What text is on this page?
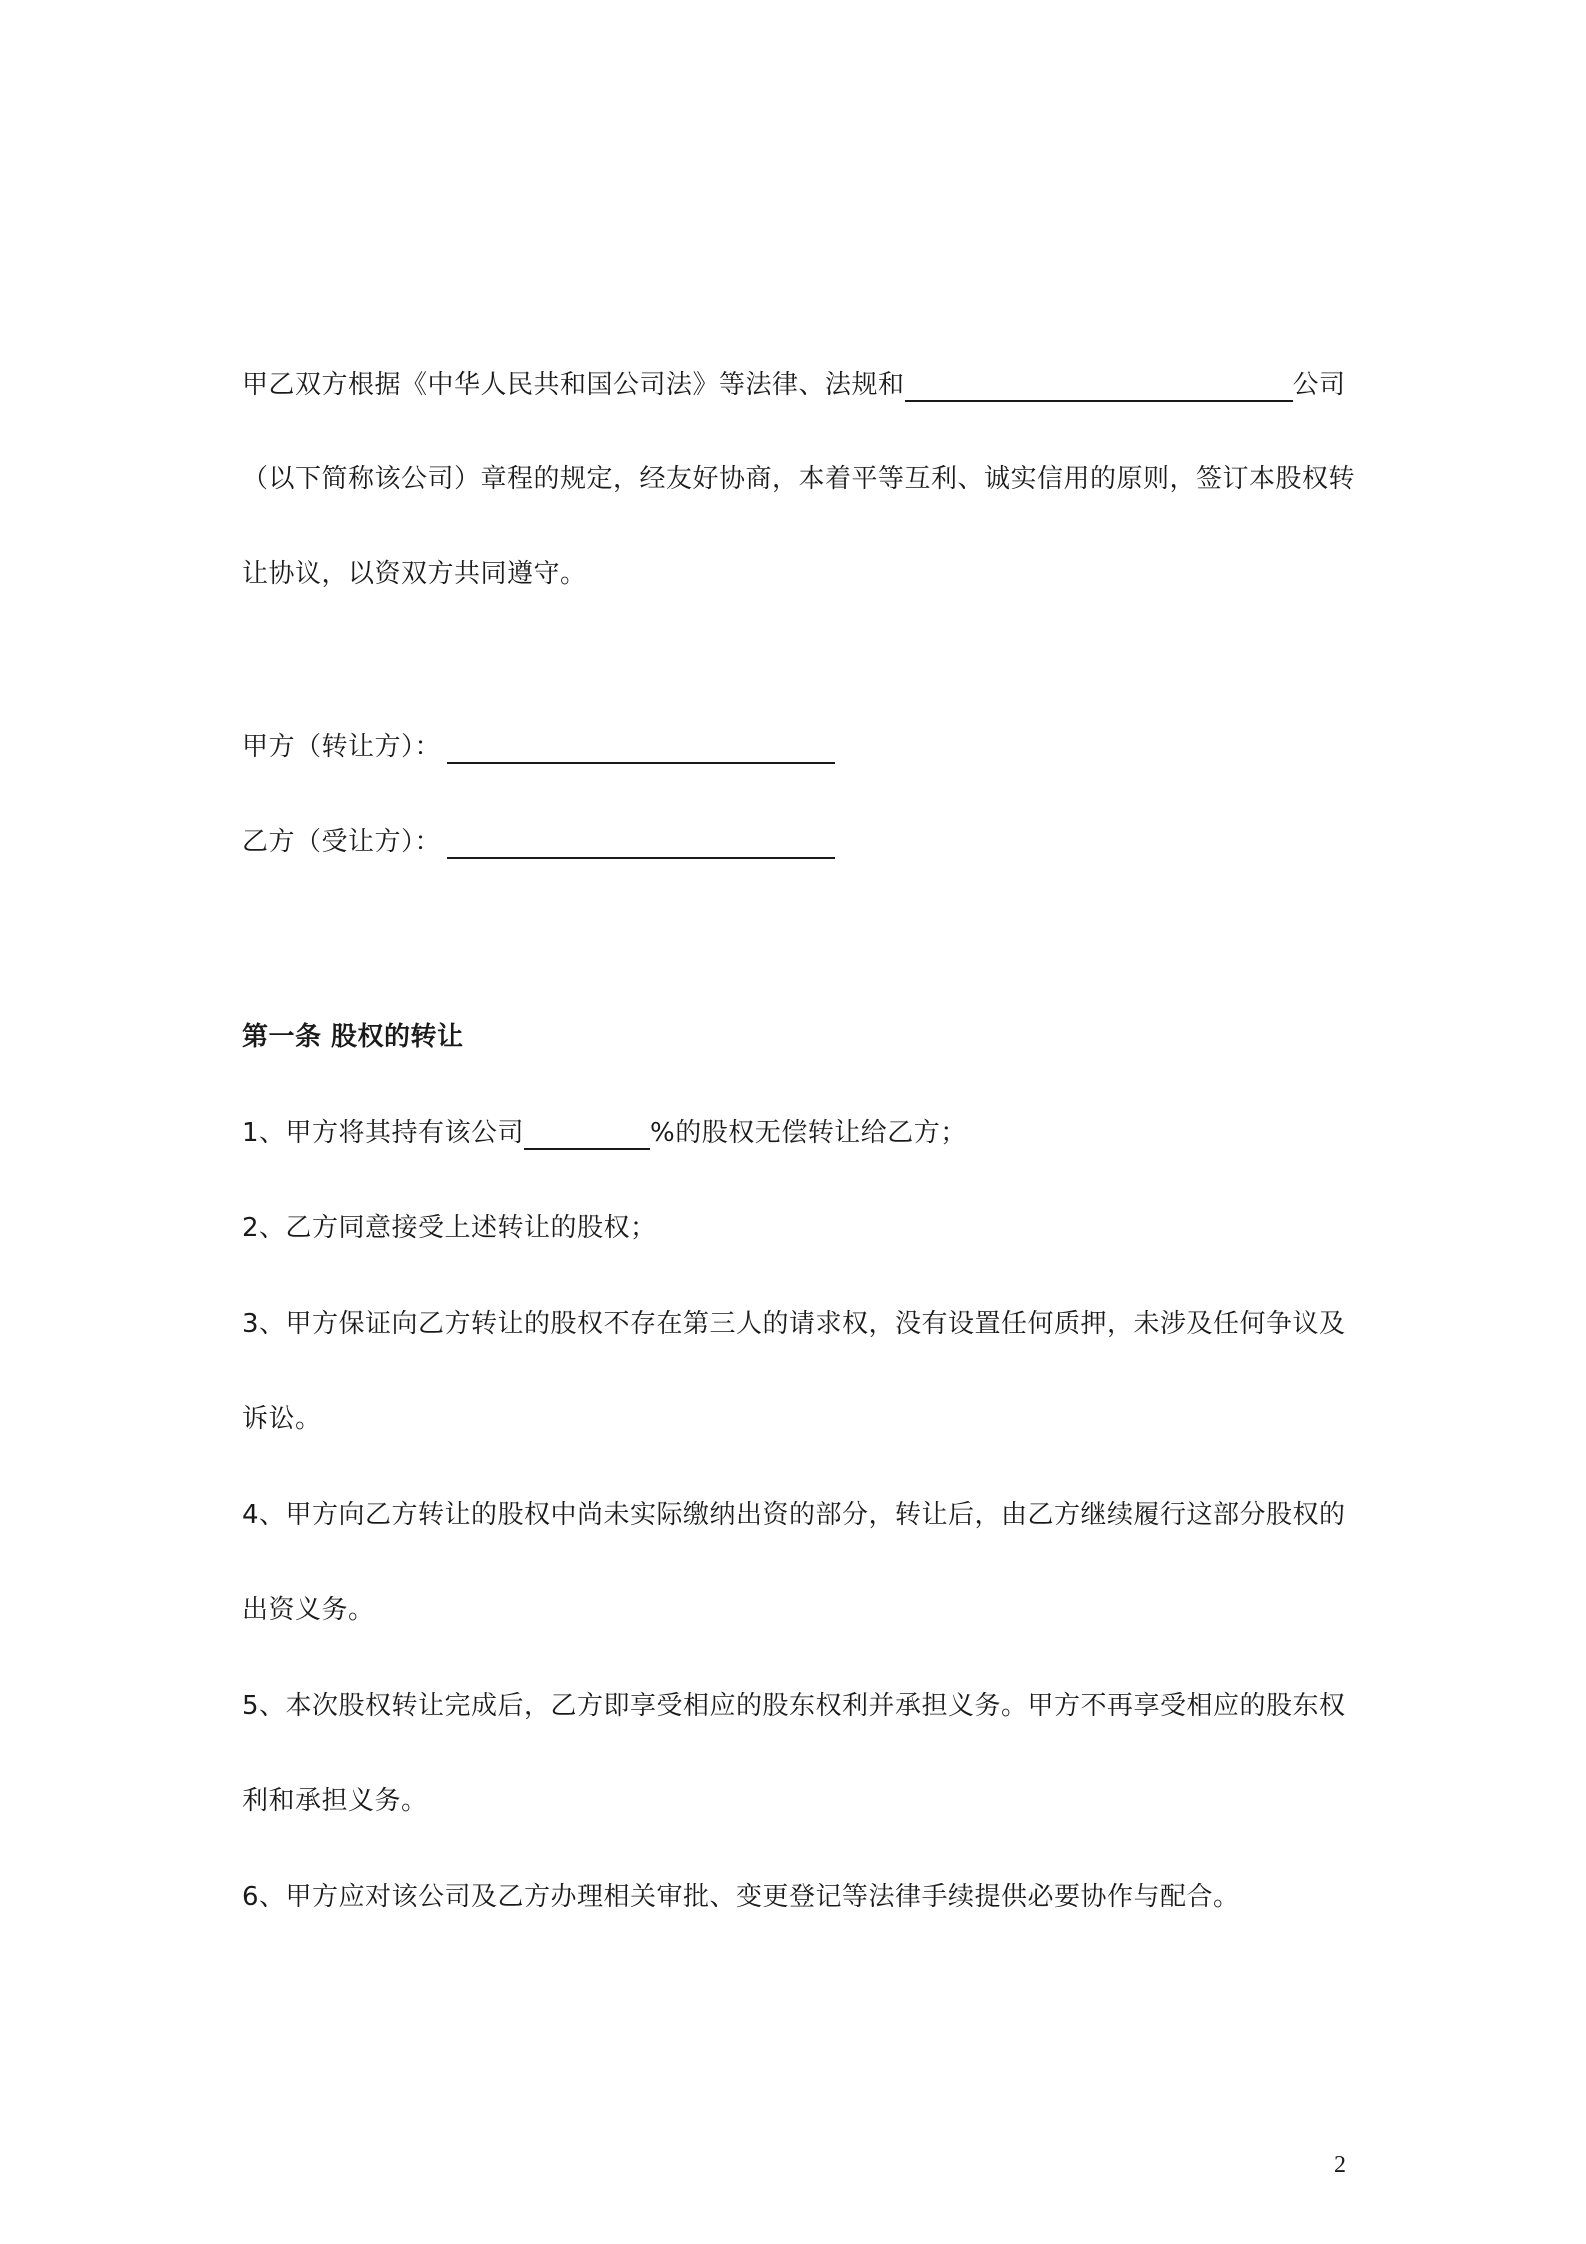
甲乙双方根据《中华人民共和国公司法》等法律、法规和	公司
（以下简称该公司）章程的规定，经友好协商，本着平等互利、诚实信用的原则，签订本股权转
让协议，以资双方共同遵守。
甲方（转让方）：
乙方（受让方）：
第一条 股权的转让
1、甲方将其持有该公司	%的股权无偿转让给乙方；
2、乙方同意接受上述转让的股权；
3、甲方保证向乙方转让的股权不存在第三人的请求权，没有设置任何质押，未涉及任何争议及
诉讼。
4、甲方向乙方转让的股权中尚未实际缴纳出资的部分，转让后，由乙方继续履行这部分股权的
出资义务。
5、本次股权转让完成后，乙方即享受相应的股东权利并承担义务。甲方不再享受相应的股东权
利和承担义务。
6、甲方应对该公司及乙方办理相关审批、变更登记等法律手续提供必要协作与配合。
2
